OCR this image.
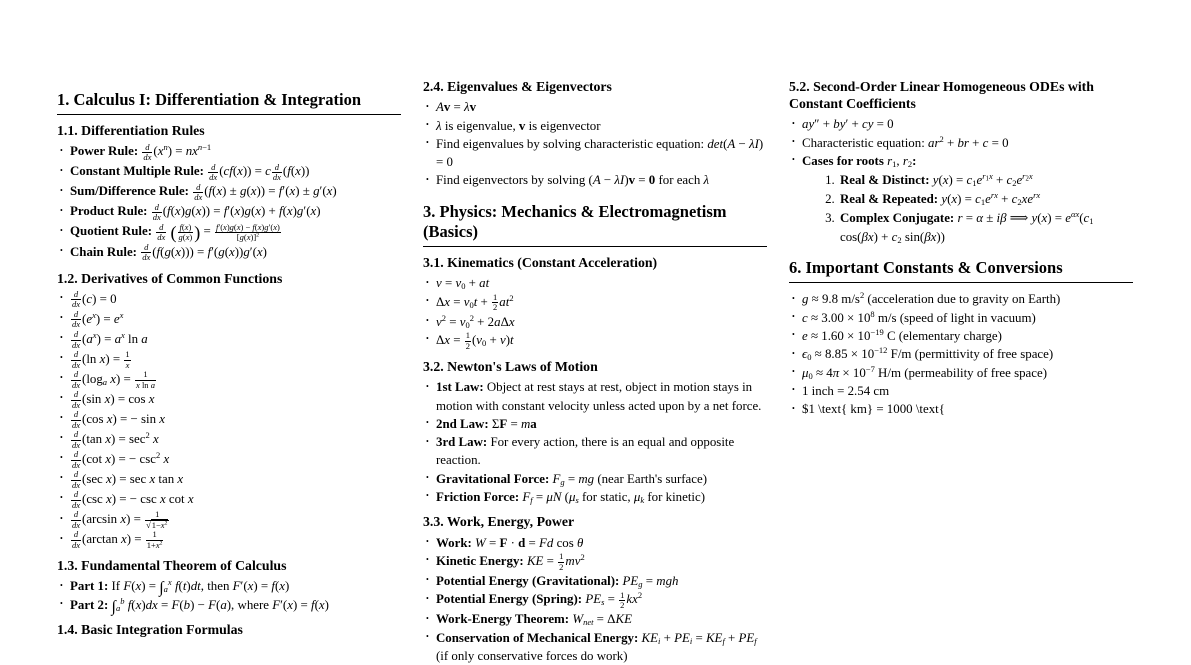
1. Calculus I: Differentiation & Integration
1.1. Differentiation Rules
• Power Rule: $\frac{d}{dx} (x^n) = nx^{n-1}$
• Constant Multiple Rule: $\frac{d}{dx} (cf(x)) = c \frac{d}{dx} (f(x))$
• Sum/Difference Rule: $\frac{d}{dx} (f(x) \pm g(x)) = f'(x) \pm g'(x)$
• Product Rule: $\frac{d}{dx} (f(x)g(x)) = f'(x)g(x) + f(x)g'(x)$
• Quotient Rule: $\frac{d}{dx}$ ( $\frac{f(x)}{g(x)}$ ) = $\frac{f'(x)g(x) - f(x)g'(x)}{[g(x)]^2}$
• Chain Rule: $\frac{d}{dx} (f(g(x))) = f'(g(x))g'(x)$
1.2. Derivatives of Common Functions
• $\frac{d}{dx} (c) = 0$
• $\frac{d}{dx} (e^x) = e^x$
• $\frac{d}{dx} (a^x) = a^x$ ln a
• $\frac{d}{dx} (\ln$ $x) = \frac{1}{x}$
• $\frac{d}{dx} (\log_a$ $x) = \frac{1}{\text{x ln a}}$
• $\frac{d}{dx} (\sin$ x) = cos x
• $\frac{d}{dx} (\cos$ x) = − sin x
• $\frac{d}{dx} (\tan$ $x) = \sec^2 x$
• $\frac{d}{dx} (\cot$ x) = − $\csc^2 x$
• $\frac{d}{dx} (\sec$ x) = sec x tan x
• $\frac{d}{dx} (\csc$ x) = − csc x cot x
• $\frac{d}{dx} (\arcsin$ $x) = \frac{1}{√1-x^2}$
• $\frac{d}{dx} (\arctan$ $x) = \frac{1}{1+x^2}$
1.3. Fundamental Theorem of Calculus
• Part 1: If $F(x) = \int_a^x$ f(t)dt, then F′(x) = f(x)
• Part 2: $\int_a^b$ f(x)dx = F(b) − F(a), where F′(x) = f(x)
1.4. Basic Integration Formulas
2.4. Eigenvalues & Eigenvectors
• Av = λv
• λ is eigenvalue, v is eigenvector
• Find eigenvalues by solving characteristic equation: det(A − λI) = 0
• Find eigenvectors by solving (A − λI)v = 0 for each λ
3. Physics: Mechanics & Electromagnetism (Basics)
3.1. Kinematics (Constant Acceleration)
• $v = v_0$ + at
• $\Delta x = v_0t + \frac{1}{2} at^2$
• $v^2 = v_0^2 + 2a\Delta x$
• $\Delta x = \frac{1}{2} (v_0 + v)t$
3.2. Newton's Laws of Motion
• 1st Law: Object at rest stays at rest, object in motion stays in motion with constant velocity unless acted upon by a net force.
• 2nd Law: ΣF = ma
• 3rd Law: For every action, there is an equal and opposite reaction.
• Gravitational Force: $F_g$ = mg (near Earth's surface)
• Friction Force: $F_f = \mu N$ ($\mu_s$ for static, $\mu_k$ for kinetic)
3.3. Work, Energy, Power
• Work: W = F · d = Fd cos θ
• Kinetic Energy: KE = $\frac{1}{2} mv^2$
• Potential Energy (Gravitational): $PE_g$ = mgh
• Potential Energy (Spring): $PE_s = \frac{1}{2} kx^2$
• Work-Energy Theorem: $W_{net} = \Delta KE$
• Conservation of Mechanical Energy: $KE_i + PE_i = KE_f + PE_f$ (if only conservative forces do work)
5.2. Second-Order Linear Homogeneous ODEs with Constant Coefficients
• ay″ + by′ + cy = 0
• Characteristic equation: $ar^2$ + br + c = 0
• Cases for roots $r_1$, $r_2$:
1. Real & Distinct: $y(x) = c_1e^{r_1x} + c_2e^{r_2x}$
2. Real & Repeated: $y(x) = c_1e^{rx} + c_2xe^{rx}$
3. Complex Conjugate: r = α ± iβ ⟹ $y(x) = e^{\alpha x}(c_1$ $\cos(\beta x) + c_2$ sin(βx))
6. Important Constants & Conversions
• g ≈ 9.8 $m/s^2$ (acceleration due to gravity on Earth)
• $c \approx 3.00 \times 10^8$ m/s (speed of light in vacuum)
• $e \approx 1.60 \times 10^{-19}$ C (elementary charge)
• $\epsilon_0 \approx 8.85 \times 10^{-12}$ F/m (permittivity of free space)
• $\mu_0 \approx 4\pi \times 10^{-7}$ H/m (permeability of free space)
• 1 inch = 2.54 cm
• $1 \text{ km} = 1000 \text{
